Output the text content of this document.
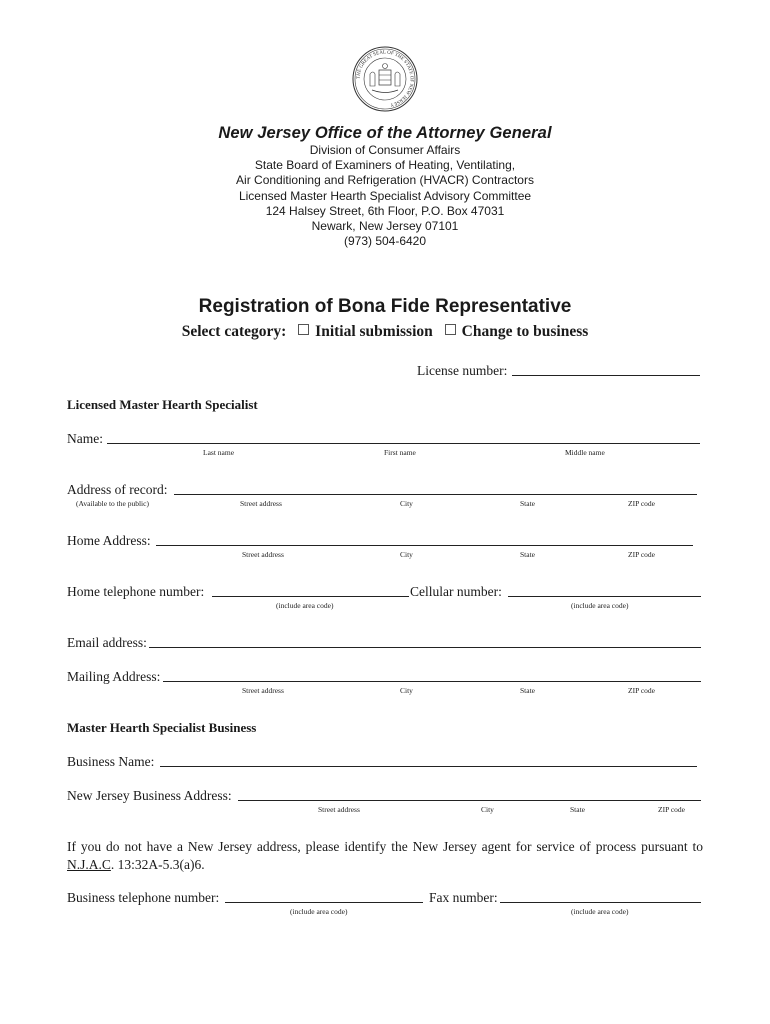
THE GREAT SEAL OF THE STATE OF NEW JERSEY
New Jersey Office of the Attorney General
Division of Consumer Affairs
State Board of Examiners of Heating, Ventilating,
Air Conditioning and Refrigeration (HVACR) Contractors
Licensed Master Hearth Specialist Advisory Committee
124 Halsey Street, 6th Floor, P.O. Box 47031
Newark, New Jersey 07101
(973) 504-6420
Registration of Bona Fide Representative
Select category: Initial submission Change to business
License number:
Licensed Master Hearth Specialist
Name:
Last name	First name	Middle name
Address of record:
(Available to the public)	Street address	City	State	ZIP code
Home Address:
Street address	City	State	ZIP code
Home telephone number:	Cellular number:
(include area code)	(include area code)
Email address:
Mailing Address:
Street address	City	State	ZIP code
Master Hearth Specialist Business
Business Name:
New Jersey Business Address:
Street address	City	State	ZIP code
If you do not have a New Jersey address, please identify the New Jersey agent for service of process pursuant to N.J.A.C. 13:32A-5.3(a)6.
Business telephone number:	Fax number:
(include area code)	(include area code)
